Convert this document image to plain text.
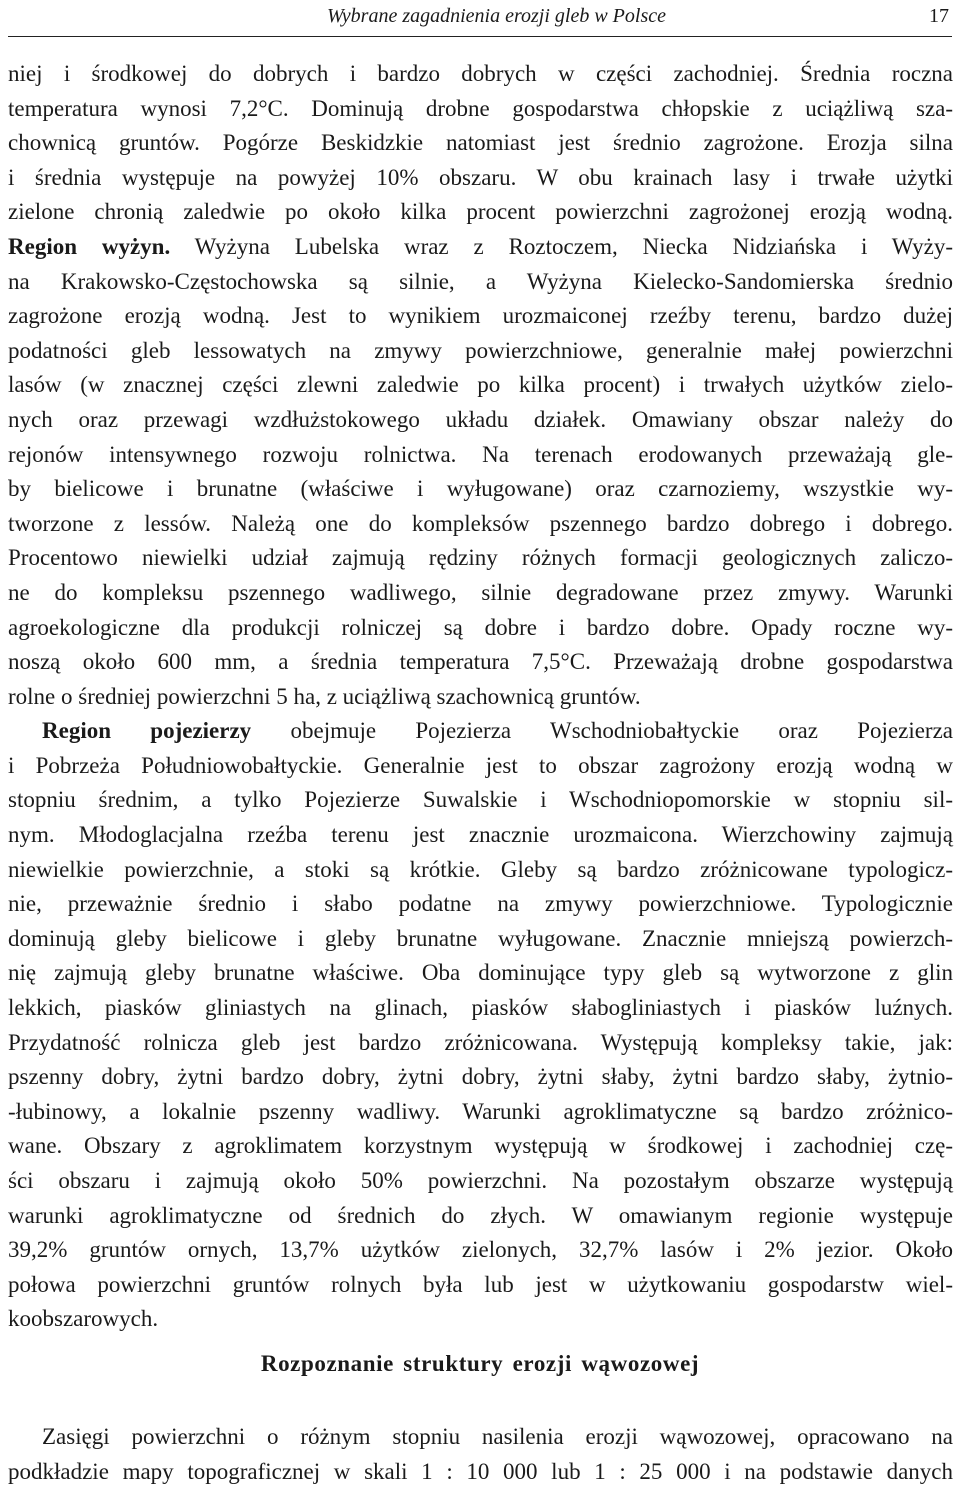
Wybrane zagadnienia erozji gleb w Polsce	17
niej i środkowej do dobrych i bardzo dobrych w części zachodniej. Średnia roczna
temperatura wynosi 7,2°C. Dominują drobne gospodarstwa chłopskie z uciążliwą sza-
chownicą gruntów. Pogórze Beskidzkie natomiast jest średnio zagrożone. Erozja silna
i średnia występuje na powyżej 10% obszaru. W obu krainach lasy i trwałe użytki
zielone chronią zaledwie po około kilka procent powierzchni zagrożonej erozją wodną.
Region wyżyn. Wyżyna Lubelska wraz z Roztoczem, Niecka Nidziańska i Wyży-
na Krakowsko-Częstochowska są silnie, a Wyżyna Kielecko-Sandomierska średnio
zagrożone erozją wodną. Jest to wynikiem urozmaiconej rzeźby terenu, bardzo dużej
podatności gleb lessowatych na zmywy powierzchniowe, generalnie małej powierzchni
lasów (w znacznej części zlewni zaledwie po kilka procent) i trwałych użytków zielo-
nych oraz przewagi wzdłużstokowego układu działek. Omawiany obszar należy do
rejonów intensywnego rozwoju rolnictwa. Na terenach erodowanych przeważają gle-
by bielicowe i brunatne (właściwe i wyługowane) oraz czarnoziemy, wszystkie wy-
tworzone z lessów. Należą one do kompleksów pszennego bardzo dobrego i dobrego.
Procentowo niewielki udział zajmują rędziny różnych formacji geologicznych zaliczo-
ne do kompleksu pszennego wadliwego, silnie degradowane przez zmywy. Warunki
agroekologiczne dla produkcji rolniczej są dobre i bardzo dobre. Opady roczne wy-
noszą około 600 mm, a średnia temperatura 7,5°C. Przeważają drobne gospodarstwa
rolne o średniej powierzchni 5 ha, z uciążliwą szachownicą gruntów.
Region pojezierzy obejmuje Pojezierza Wschodniobałtyckie oraz Pojezierza
i Pobrzeża Południowobałtyckie. Generalnie jest to obszar zagrożony erozją wodną w
stopniu średnim, a tylko Pojezierze Suwalskie i Wschodniopomorskie w stopniu sil-
nym. Młodoglacjalna rzeźba terenu jest znacznie urozmaicona. Wierzchowiny zajmują
niewielkie powierzchnie, a stoki są krótkie. Gleby są bardzo zróżnicowane typologicz-
nie, przeważnie średnio i słabo podatne na zmywy powierzchniowe. Typologicznie
dominują gleby bielicowe i gleby brunatne wyługowane. Znacznie mniejszą powierzch-
nię zajmują gleby brunatne właściwe. Oba dominujące typy gleb są wytworzone z glin
lekkich, piasków gliniastych na glinach, piasków słabogliniastych i piasków luźnych.
Przydatność rolnicza gleb jest bardzo zróżnicowana. Występują kompleksy takie, jak:
pszenny dobry, żytni bardzo dobry, żytni dobry, żytni słaby, żytni bardzo słaby, żytnio-
-łubinowy, a lokalnie pszenny wadliwy. Warunki agroklimatyczne są bardzo zróżnico-
wane. Obszary z agroklimatem korzystnym występują w środkowej i zachodniej czę-
ści obszaru i zajmują około 50% powierzchni. Na pozostałym obszarze występują
warunki agroklimatyczne od średnich do złych. W omawianym regionie występuje
39,2% gruntów ornych, 13,7% użytków zielonych, 32,7% lasów i 2% jezior. Około
połowa powierzchni gruntów rolnych była lub jest w użytkowaniu gospodarstw wiel-
koobszarowych.
Rozpoznanie struktury erozji wąwozowej
Zasięgi powierzchni o różnym stopniu nasilenia erozji wąwozowej, opracowano na
podkładzie mapy topograficznej w skali 1 : 10 000 lub 1 : 25 000 i na podstawie danych
